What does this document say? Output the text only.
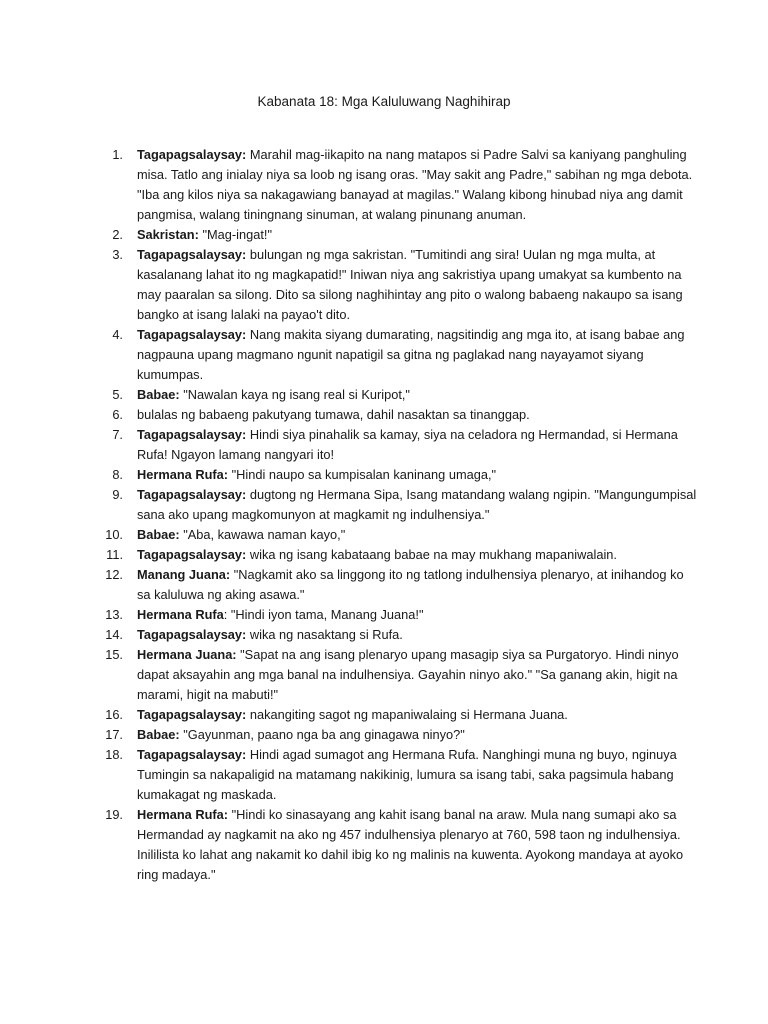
Kabanata 18: Mga Kaluluwang Naghihirap
1. Tagapagsalaysay: Marahil mag-iikapito na nang matapos si Padre Salvi sa kaniyang panghuling
misa. Tatlo ang inialay niya sa loob ng isang oras. "May sakit ang Padre," sabihan ng mga debota.
"Iba ang kilos niya sa nakagawiang banayad at magilas." Walang kibong hinubad niya ang damit
pangmisa, walang tiningnang sinuman, at walang pinunang anuman.
2. Sakristan: "Mag-ingat!"
3. Tagapagsalaysay: bulungan ng mga sakristan. "Tumitindi ang sira! Uulan ng mga multa, at
kasalanang lahat ito ng magkapatid!" Iniwan niya ang sakristiya upang umakyat sa kumbento na
may paaralan sa silong. Dito sa silong naghihintay ang pito o walong babaeng nakaupo sa isang
bangko at isang lalaki na payao't dito.
4. Tagapagsalaysay: Nang makita siyang dumarating, nagsitindig ang mga ito, at isang babae ang
nagpauna upang magmano ngunit napatigil sa gitna ng paglakad nang nayayamot siyang
kumumpas.
5. Babae: "Nawalan kaya ng isang real si Kuripot,"
6. bulalas ng babaeng pakutyang tumawa, dahil nasaktan sa tinanggap.
7. Tagapagsalaysay: Hindi siya pinahalik sa kamay, siya na celadora ng Hermandad, si Hermana
Rufa! Ngayon lamang nangyari ito!
8. Hermana Rufa: "Hindi naupo sa kumpisalan kaninang umaga,"
9. Tagapagsalaysay: dugtong ng Hermana Sipa, Isang matandang walang ngipin. "Mangungumpisal
sana ako upang magkomunyon at magkamit ng indulhensiya."
10. Babae: "Aba, kawawa naman kayo,"
11. Tagapagsalaysay: wika ng isang kabataang babae na may mukhang mapaniwalain.
12. Manang Juana: "Nagkamit ako sa linggong ito ng tatlong indulhensiya plenaryo, at inihandog ko
sa kaluluwa ng aking asawa."
13. Hermana Rufa: "Hindi iyon tama, Manang Juana!"
14. Tagapagsalaysay: wika ng nasaktang si Rufa.
15. Hermana Juana: "Sapat na ang isang plenaryo upang masagip siya sa Purgatoryo. Hindi ninyo
dapat aksayahin ang mga banal na indulhensiya. Gayahin ninyo ako." "Sa ganang akin, higit na
marami, higit na mabuti!"
16. Tagapagsalaysay: nakangiting sagot ng mapaniwalaing si Hermana Juana.
17. Babae: "Gayunman, paano nga ba ang ginagawa ninyo?"
18. Tagapagsalaysay: Hindi agad sumagot ang Hermana Rufa. Nanghingi muna ng buyo, nginuya
Tumingin sa nakapaligid na matamang nakikinig, lumura sa isang tabi, saka pagsimula habang
kumakagat ng maskada.
19. Hermana Rufa: "Hindi ko sinasayang ang kahit isang banal na araw. Mula nang sumapi ako sa
Hermandad ay nagkamit na ako ng 457 indulhensiya plenaryo at 760, 598 taon ng indulhensiya.
Inililista ko lahat ang nakamit ko dahil ibig ko ng malinis na kuwenta. Ayokong mandaya at ayoko
ring madaya."
